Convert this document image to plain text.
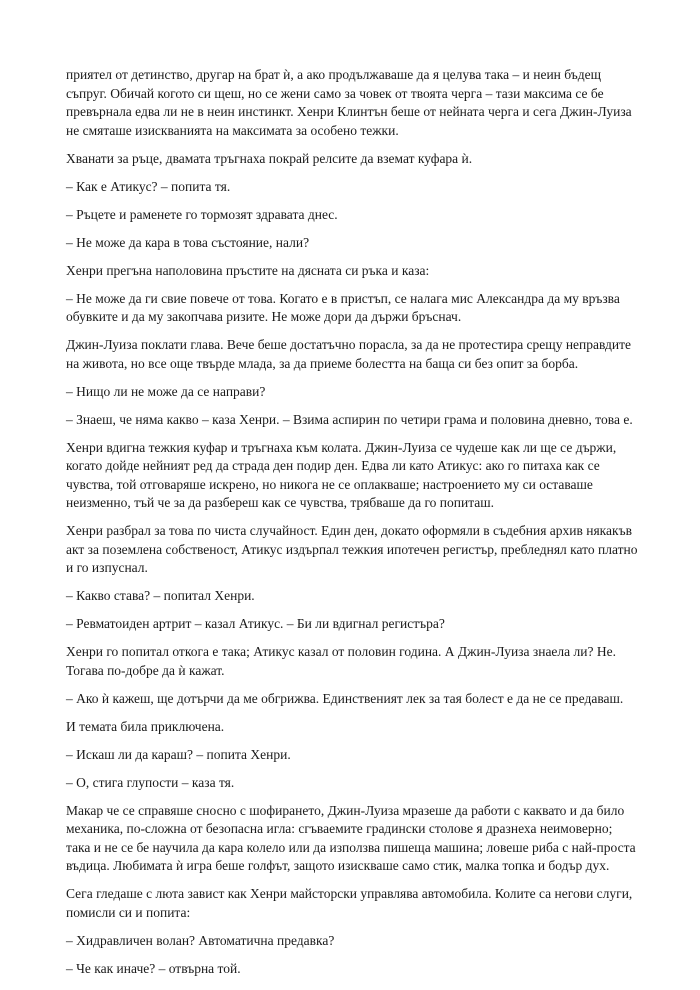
приятел от детинство, другар на брат ѝ, а ако продължаваше да я целува така – и неин бъдещ съпруг. Обичай когото си щеш, но се жени само за човек от твоята черга – тази максима се бе превърнала едва ли не в неин инстинкт. Хенри Клинтън беше от нейната черга и сега Джин-Луиза не смяташе изискванията на максимата за особено тежки.

Хванати за ръце, двамата тръгнаха покрай релсите да вземат куфара ѝ.

– Как е Атикус? – попита тя.

– Ръцете и раменете го тормозят здравата днес.

– Не може да кара в това състояние, нали?

Хенри прегъна наполовина пръстите на дясната си ръка и каза:

– Не може да ги свие повече от това. Когато е в пристъп, се налага мис Александра да му връзва обувките и да му закопчава ризите. Не може дори да държи бръснач.

Джин-Луиза поклати глава. Вече беше достатъчно порасла, за да не протестира срещу неправдите на живота, но все още твърде млада, за да приеме болестта на баща си без опит за борба.

– Нищо ли не може да се направи?

– Знаеш, че няма какво – каза Хенри. – Взима аспирин по четири грама и половина дневно, това е.

Хенри вдигна тежкия куфар и тръгнаха към колата. Джин-Луиза се чудеше как ли ще се държи, когато дойде нейният ред да страда ден подир ден. Едва ли като Атикус: ако го питаха как се чувства, той отговаряше искрено, но никога не се оплакваше; настроението му си оставаше неизменно, тъй че за да разбереш как се чувства, трябваше да го попиташ.

Хенри разбрал за това по чиста случайност. Един ден, докато оформяли в съдебния архив някакъв акт за поземлена собственост, Атикус издърпал тежкия ипотечен регистър, пребледнял като платно и го изпуснал.

– Какво става? – попитал Хенри.

– Ревматоиден артрит – казал Атикус. – Би ли вдигнал регистъра?

Хенри го попитал откога е така; Атикус казал от половин година. А Джин-Луиза знаела ли? Не. Тогава по-добре да ѝ кажат.

– Ако ѝ кажеш, ще дотърчи да ме обгрижва. Единственият лек за тая болест е да не се предаваш.

И темата била приключена.

– Искаш ли да караш? – попита Хенри.

– О, стига глупости – каза тя.

Макар че се справяше сносно с шофирането, Джин-Луиза мразеше да работи с каквато и да било механика, по-сложна от безопасна игла: сгъваемите градински столове я дразнеха неимоверно; така и не се бе научила да кара колело или да използва пишеща машина; ловеше риба с най-проста въдица. Любимата ѝ игра беше голфът, защото изискваше само стик, малка топка и бодър дух.

Сега гледаше с люта завист как Хенри майсторски управлява автомобила. Колите са негови слуги, помисли си и попита:

– Хидравличен волан? Автоматична предавка?

– Че как иначе? – отвърна той.
